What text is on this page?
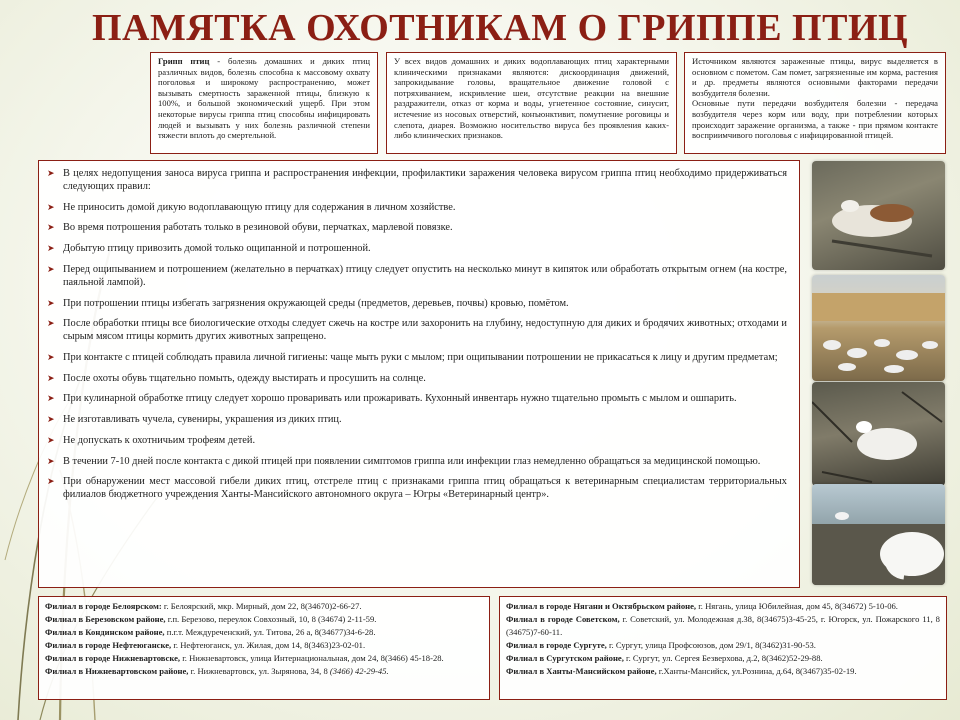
ПАМЯТКА ОХОТНИКАМ О ГРИППЕ ПТИЦ

Грипп птиц - болезнь домашних и диких птиц различных видов, болезнь способна к массовому охвату поголовья и широкому распространению, может вызывать смертность зараженной птицы, близкую к 100%, и большой экономический ущерб. При этом некоторые вирусы гриппа птиц способны инфицировать людей и вызывать у них болезнь различной степени тяжести вплоть до смертельной.

У всех видов домашних и диких водоплавающих птиц характерными клиническими признаками являются: дискоординация движений, запрокидывание головы, вращательное движение головой с потряхиванием, искривление шеи, отсутствие реакции на внешние раздражители, отказ от корма и воды, угнетенное состояние, синусит, истечение из носовых отверстий, конъюнктивит, помутнение роговицы и слепота, диарея. Возможно носительство вируса без проявления каких-либо клинических признаков.

Источником являются зараженные птицы, вирус выделяется в основном с пометом. Сам помет, загрязненные им корма, растения и др. предметы являются основными факторами передачи возбудителя болезни.

Основные пути передачи возбудителя болезни - передача возбудителя через корм или воду, при потреблении которых происходит заражение организма, а также - при прямом контакте восприимчивого поголовья с инфицированной птицей.

➤ В целях недопущения заноса вируса гриппа и распространения инфекции, профилактики заражения человека вирусом гриппа птиц необходимо придерживаться следующих правил:
➤ Не приносить домой дикую водоплавающую птицу для содержания в личном хозяйстве.
➤ Во время потрошения работать только в резиновой обуви, перчатках, марлевой повязке.
➤ Добытую птицу привозить домой только ощипанной и потрошенной.
➤ Перед ощипыванием и потрошением (желательно в перчатках) птицу следует опустить на несколько минут в кипяток или обработать открытым огнем (на костре, паяльной лампой).
➤ При потрошении птицы избегать загрязнения окружающей среды (предметов, деревьев, почвы) кровью, помётом.
➤ После обработки птицы все биологические отходы следует сжечь на костре или захоронить на глубину, недоступную для диких и бродячих животных; отходами и сырым мясом птицы кормить других животных запрещено.
➤ При контакте с птицей соблюдать правила личной гигиены: чаще мыть руки с мылом; при ощипывании потрошении не прикасаться к лицу и другим предметам;
➤ После охоты обувь тщательно помыть, одежду выстирать и просушить на солнце.
➤ При кулинарной обработке птицу следует хорошо проваривать или прожаривать. Кухонный инвентарь нужно тщательно промыть с мылом и ошпарить.
➤ Не изготавливать чучела, сувениры, украшения из диких птиц.
➤ Не допускать к охотничьим трофеям детей.
➤ В течении 7-10 дней после контакта с дикой птицей при появлении симптомов гриппа или инфекции глаз немедленно обращаться за медицинской помощью.
➤ При обнаружении мест массовой гибели диких птиц, отстреле птиц с признаками гриппа птиц обращаться к ветеринарным специалистам территориальных филиалов бюджетного учреждения Ханты-Мансийского автономного округа – Югры «Ветеринарный центр».

Филиал в городе Белоярском: г. Белоярский, мкр. Мирный, дом 22, 8(34670)2-66-27.

Филиал в Березовском районе, г.п. Березово, переулок Совхозный, 10, 8 (34674) 2-11-59.

Филиал в Кондинском районе, п.г.т. Междуреченский, ул. Титова, 26 а, 8(34677)34-6-28.

Филиал в городе Нефтеюганске, г. Нефтеюганск, ул. Жилая, дом 14, 8(3463)23-02-01.

Филиал в городе Нижневартовске, г. Нижневартовск, улица Интернациональная, дом 24, 8(3466) 45-18-28.

Филиал в Нижневартовском районе, г. Нижневартовск, ул. Зырянова, 34, 8 (3466) 42-29-45.

Филиал в городе Нягани и Октябрьском районе, г. Нягань, улица Юбилейная, дом 45, 8(34672) 5-10-06.

Филиал в городе Советском, г. Советский, ул. Молодежная д.38, 8(34675)3-45-25, г. Югорск, ул. Пожарского 11, 8 (34675)7-60-11.

Филиал в городе Сургуте, г. Сургут, улица Профсоюзов, дом 29/1, 8(3462)31-90-53.

Филиал в Сургутском районе, г. Сургут, ул. Сергея Безверхова, д.2, 8(3462)52-29-88.

Филиал в Ханты-Мансийском районе, г.Ханты-Мансийск, ул.Рознина, д.64, 8(3467)35-02-19.
